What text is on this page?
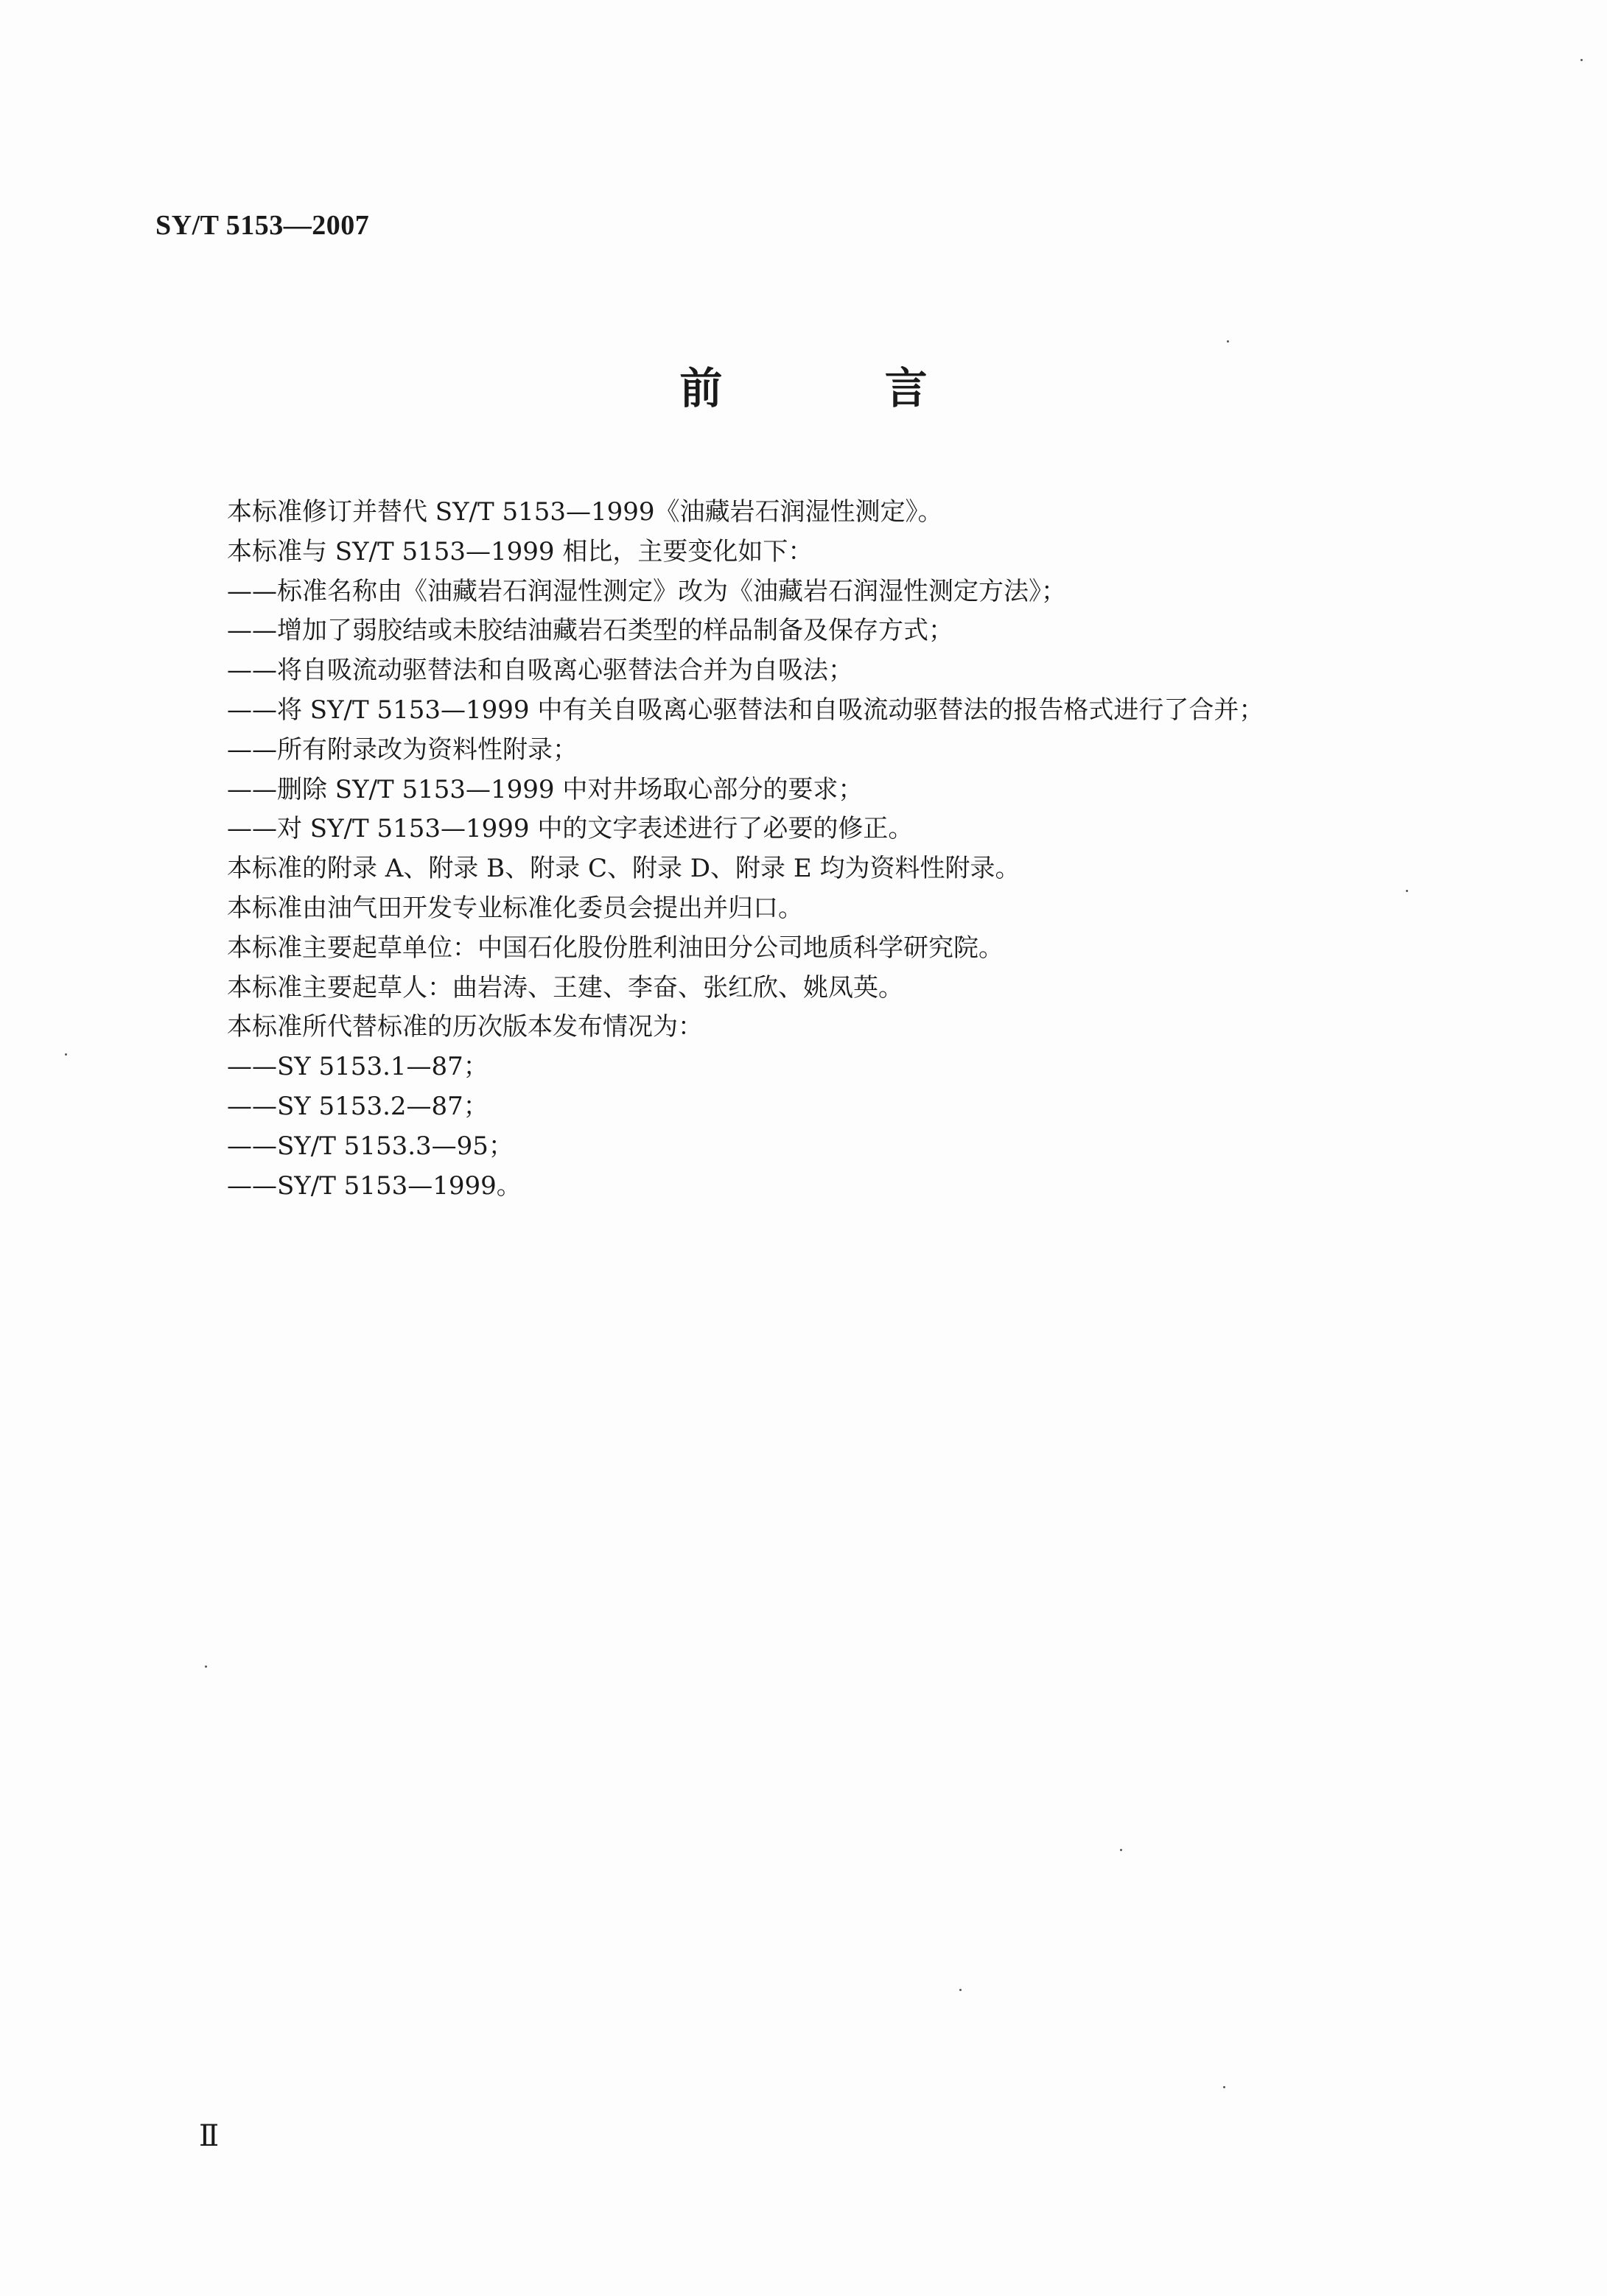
SY/T 5153—2007
前 言
本标准修订并替代 SY/T 5153—1999《油藏岩石润湿性测定》。
本标准与 SY/T 5153—1999 相比，主要变化如下：
——标准名称由《油藏岩石润湿性测定》改为《油藏岩石润湿性测定方法》；
——增加了弱胶结或未胶结油藏岩石类型的样品制备及保存方式；
——将自吸流动驱替法和自吸离心驱替法合并为自吸法；
——将 SY/T 5153—1999 中有关自吸离心驱替法和自吸流动驱替法的报告格式进行了合并；
——所有附录改为资料性附录；
——删除 SY/T 5153—1999 中对井场取心部分的要求；
——对 SY/T 5153—1999 中的文字表述进行了必要的修正。
本标准的附录 A、附录 B、附录 C、附录 D、附录 E 均为资料性附录。
本标准由油气田开发专业标准化委员会提出并归口。
本标准主要起草单位：中国石化股份胜利油田分公司地质科学研究院。
本标准主要起草人：曲岩涛、王建、李奋、张红欣、姚凤英。
本标准所代替标准的历次版本发布情况为：
——SY 5153.1—87；
——SY 5153.2—87；
——SY/T 5153.3—95；
——SY/T 5153—1999。
Ⅱ
